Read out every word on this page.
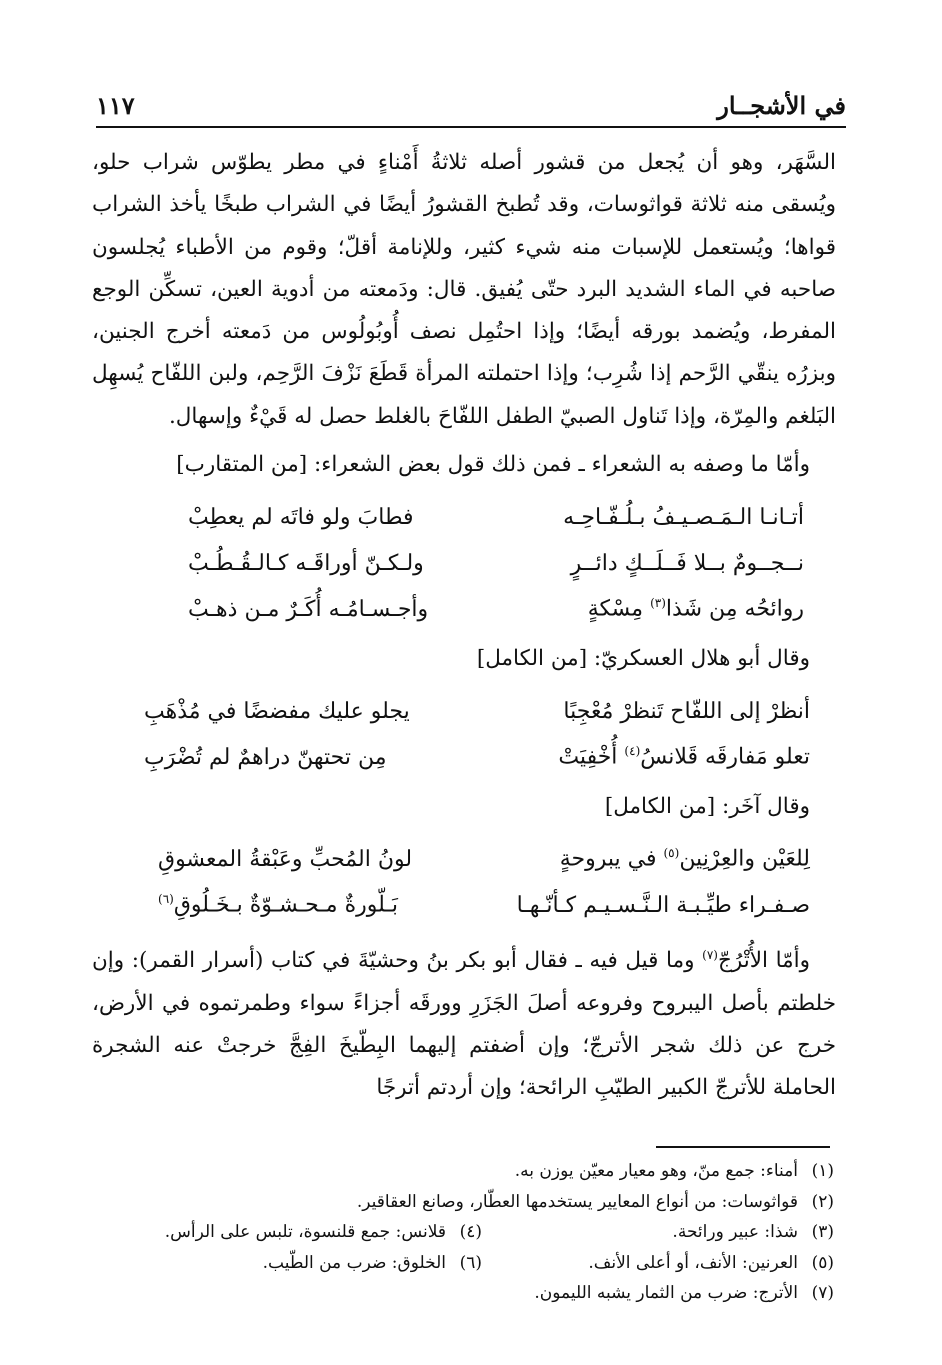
في الأشجــار
١١٧

السَّهَر، وهو أن يُجعل من قشور أصله ثلاثةُ أَمْناءٍ في مطر يطوّس شراب حلو، ويُسقى منه ثلاثة قواثوسات، وقد تُطبخ القشورُ أيضًا في الشراب طبخًا يأخذ الشراب قواها؛ ويُستعمل للإسبات منه شيء كثير، وللإنامة أقلّ؛ وقوم من الأطباء يُجلسون صاحبه في الماء الشديد البرد حتّى يُفيق. قال: ودَمعته من أدوية العين، تسكِّن الوجع المفرط، ويُضمد بورقه أيضًا؛ وإذا احتُمِل نصف أُوبُولُوس من دَمعته أخرج الجنين، وبزرُه ينقّي الرَّحم إذا شُرِب؛ وإذا احتملته المرأة قَطَعَ نَزْفَ الرَّحِم، ولبن اللفّاح يُسهِل البَلغم والمِرّة، وإذا تَناول الصبيّ الطفل اللفّاحَ بالغلط حصل له قَيْءٌ وإسهال.

وأمّا ما وصفه به الشعراء ـ فمن ذلك قول بعض الشعراء: [من المتقارب]

أتـانـا الـمَـصـيـفُ بـلُـفّـاحِـه
فطابَ ولو فاتَه لم يعطِبْ
نــجــومٌ بــلا فَــلَــكٍ دائــرٍ
ولـكـنّ أوراقَـه كـالـقُـطُـبْ
روائحُه مِن شَذا$^{(٣)}$ مِسْكةٍ
وأجـسـامُـه أُكَـرٌ مـن ذهـبْ

وقال أبو هلال العسكريّ: [من الكامل]

أنظرْ إلى اللفّاح تَنظرْ مُعْجِبًا
يجلو عليك مفضضًا في مُذْهَبِ
تعلو مَفارقَه قَلانسُ$^{(٤)}$ أُخْفِيَتْ
مِن تحتهنّ دراهمٌ لم تُضْرَبِ

وقال آخَر: [من الكامل]

لِلعَيْن والعِرْنِين$^{(٥)}$ في يبروحةٍ
لونُ المُحبِّ وعَبْقةُ المعشوقِ
صـفـراء طيِّـبـة الـنَّـسـيـم كـأنّـهـا
بَـلّورةٌ مـحـشـوّةٌ بـخَـلُوقِ$^{(٦)}$

وأمّا الأُتْرُجّ$^{(٧)}$ وما قيل فيه ـ فقال أبو بكر بنُ وحشيّةَ في كتاب (أسرار القمر): وإن خلطتم بأصل اليبروح وفروعه أصلَ الجَزَرِ وورقَه أجزاءً سواء وطمرتموه في الأرض، خرج عن ذلك شجر الأترجّ؛ وإن أضفتم إليهما البِطّيخَ الفِجَّ خرجتْ عنه الشجرة الحاملة للأترجّ الكبير الطيّبِ الرائحة؛ وإن أردتم أترجًا

(١)أمناء: جمع منّ، وهو معيار معيّن يوزن به.
(٢)قواثوسات: من أنواع المعايير يستخدمها العطّار، وصانع العقاقير.
(٣)شذا: عبير ورائحة.
(٤)قلانس: جمع قلنسوة، تلبس على الرأس.
(٥)العرنين: الأنف، أو أعلى الأنف.
(٦)الخلوق: ضرب من الطّيب.
(٧)الأترج: ضرب من الثمار يشبه الليمون.
